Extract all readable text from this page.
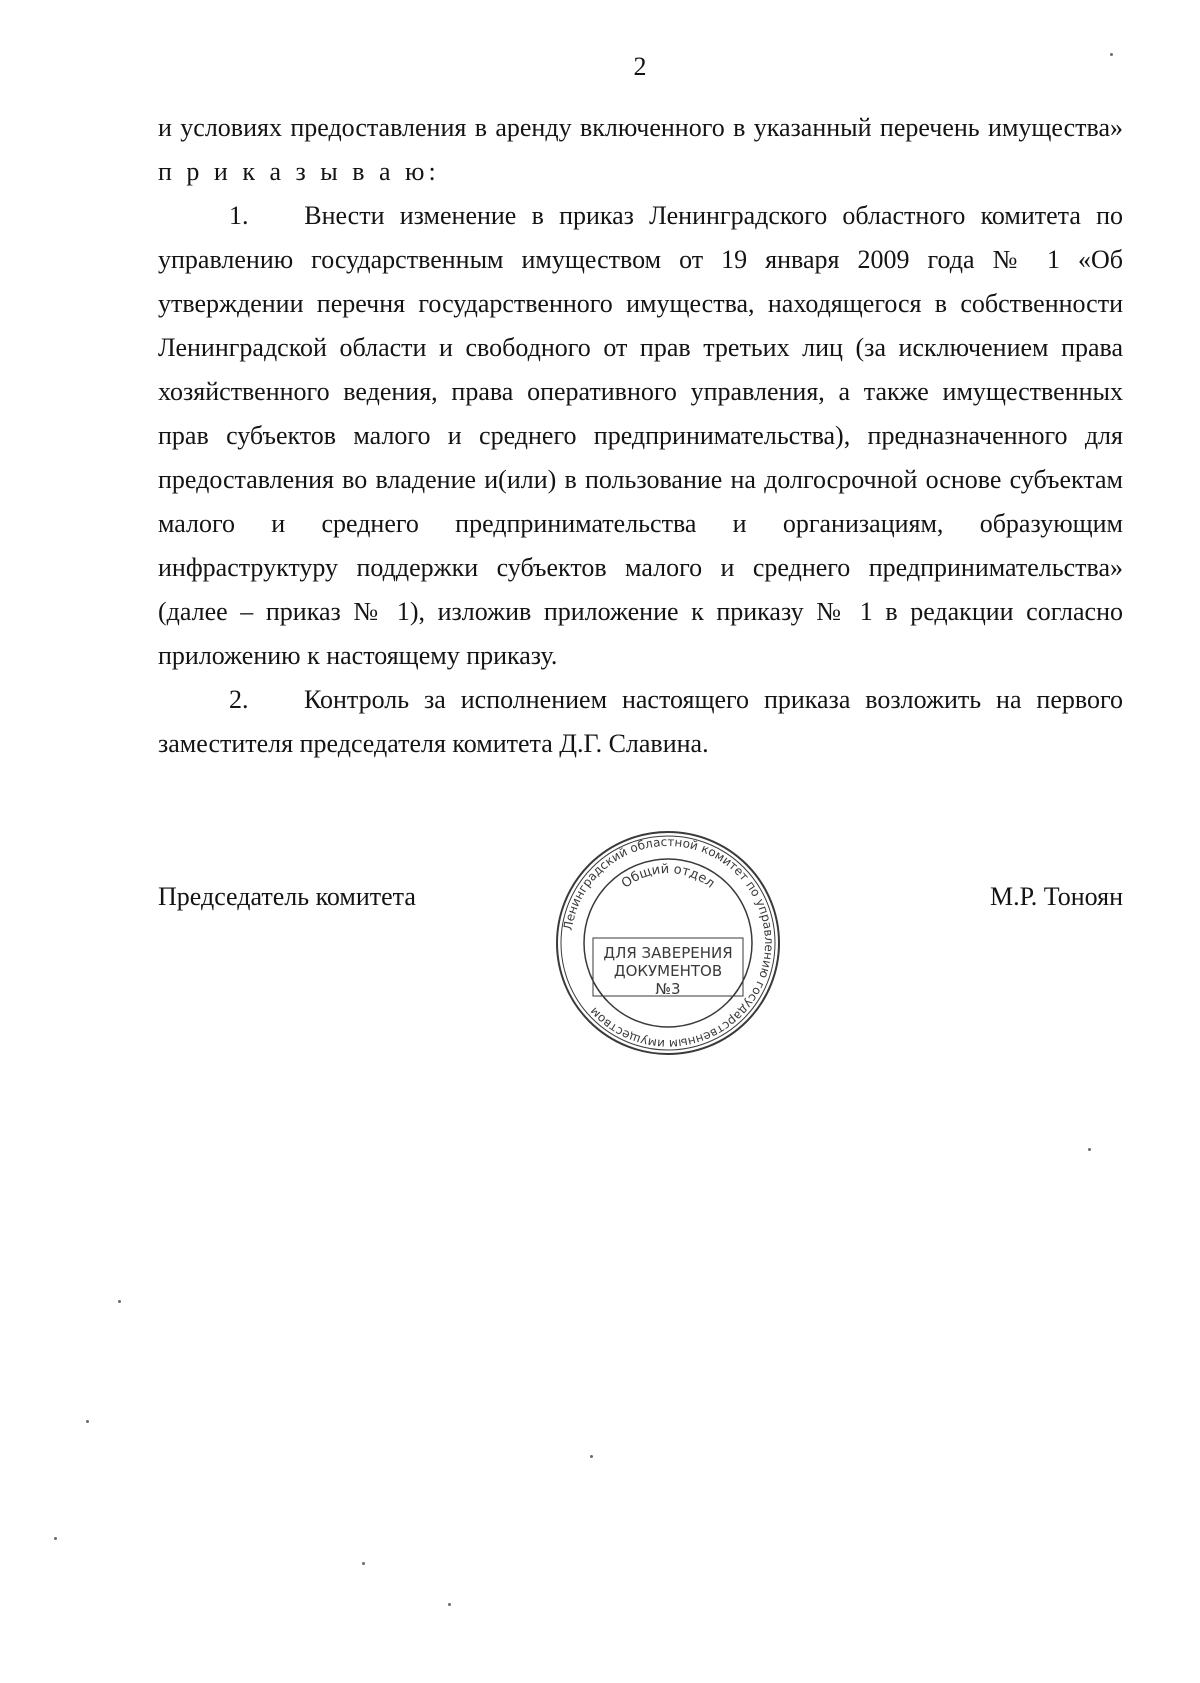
2

и условиях предоставления в аренду включенного в указанный перечень имущества» п р и к а з ы в а ю:

1. Внести изменение в приказ Ленинградского областного комитета по управлению государственным имуществом от 19 января 2009 года № 1 «Об утверждении перечня государственного имущества, находящегося в собственности Ленинградской области и свободного от прав третьих лиц (за исключением права хозяйственного ведения, права оперативного управления, а также имущественных прав субъектов малого и среднего предпринимательства), предназначенного для предоставления во владение и(или) в пользование на долгосрочной основе субъектам малого и среднего предпринимательства и организациям, образующим инфраструктуру поддержки субъектов малого и среднего предпринимательства» (далее – приказ № 1), изложив приложение к приказу № 1 в редакции согласно приложению к настоящему приказу.

2. Контроль за исполнением настоящего приказа возложить на первого заместителя председателя комитета Д.Г. Славина.

Председатель комитета	М.Р. Тоноян
Ленинградский областной комитет по управлению государственным имуществом
Общий отдел
ДЛЯ ЗАВЕРЕНИЯ
ДОКУМЕНТОВ
№3
